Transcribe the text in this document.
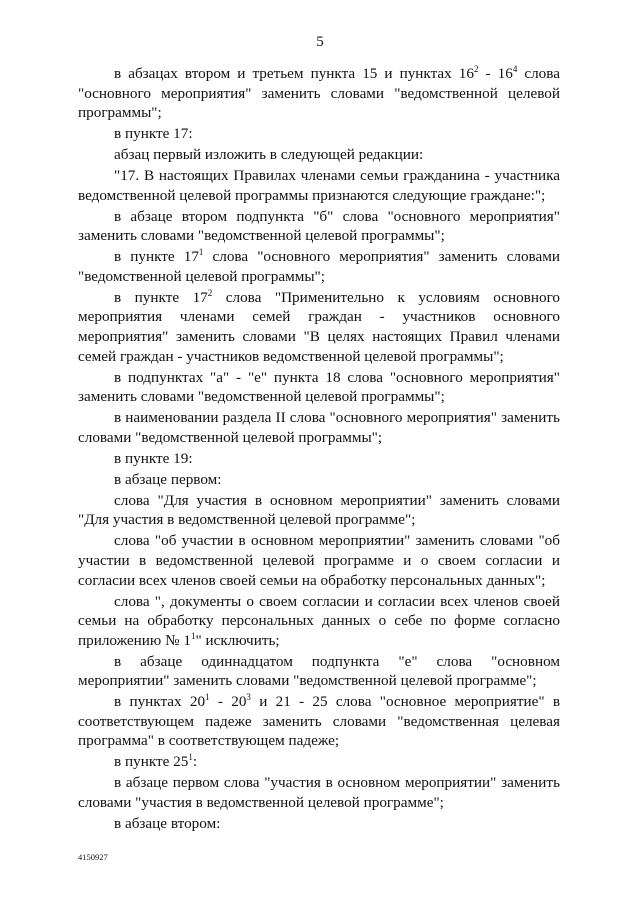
5

в абзацах втором и третьем пункта 15 и пунктах $16^2 - 16^4$ слова "основного мероприятия" заменить словами "ведомственной целевой программы";

в пункте 17:

абзац первый изложить в следующей редакции:

"17. В настоящих Правилах членами семьи гражданина - участника ведомственной целевой программы признаются следующие граждане:";

в абзаце втором подпункта "б" слова "основного мероприятия" заменить словами "ведомственной целевой программы";

в пункте $17^1$ слова "основного мероприятия" заменить словами "ведомственной целевой программы";

в пункте $17^2$ слова "Применительно к условиям основного мероприятия членами семей граждан - участников основного мероприятия" заменить словами "В целях настоящих Правил членами семей граждан - участников ведомственной целевой программы";

в подпунктах "а" - "е" пункта 18 слова "основного мероприятия" заменить словами "ведомственной целевой программы";

в наименовании раздела II слова "основного мероприятия" заменить словами "ведомственной целевой программы";

в пункте 19:

в абзаце первом:

слова "Для участия в основном мероприятии" заменить словами "Для участия в ведомственной целевой программе";

слова "об участии в основном мероприятии" заменить словами "об участии в ведомственной целевой программе и о своем согласии и согласии всех членов своей семьи на обработку персональных данных";

слова ", документы о своем согласии и согласии всех членов своей семьи на обработку персональных данных о себе по форме согласно приложению № $1^1$" исключить;

в абзаце одиннадцатом подпункта "е" слова "основном мероприятии" заменить словами "ведомственной целевой программе";

в пунктах $20^1 - 20^3$ и 21 - 25 слова "основное мероприятие" в соответствующем падеже заменить словами "ведомственная целевая программа" в соответствующем падеже;

в пункте $25^1$:

в абзаце первом слова "участия в основном мероприятии" заменить словами "участия в ведомственной целевой программе";

в абзаце втором:

4150927
